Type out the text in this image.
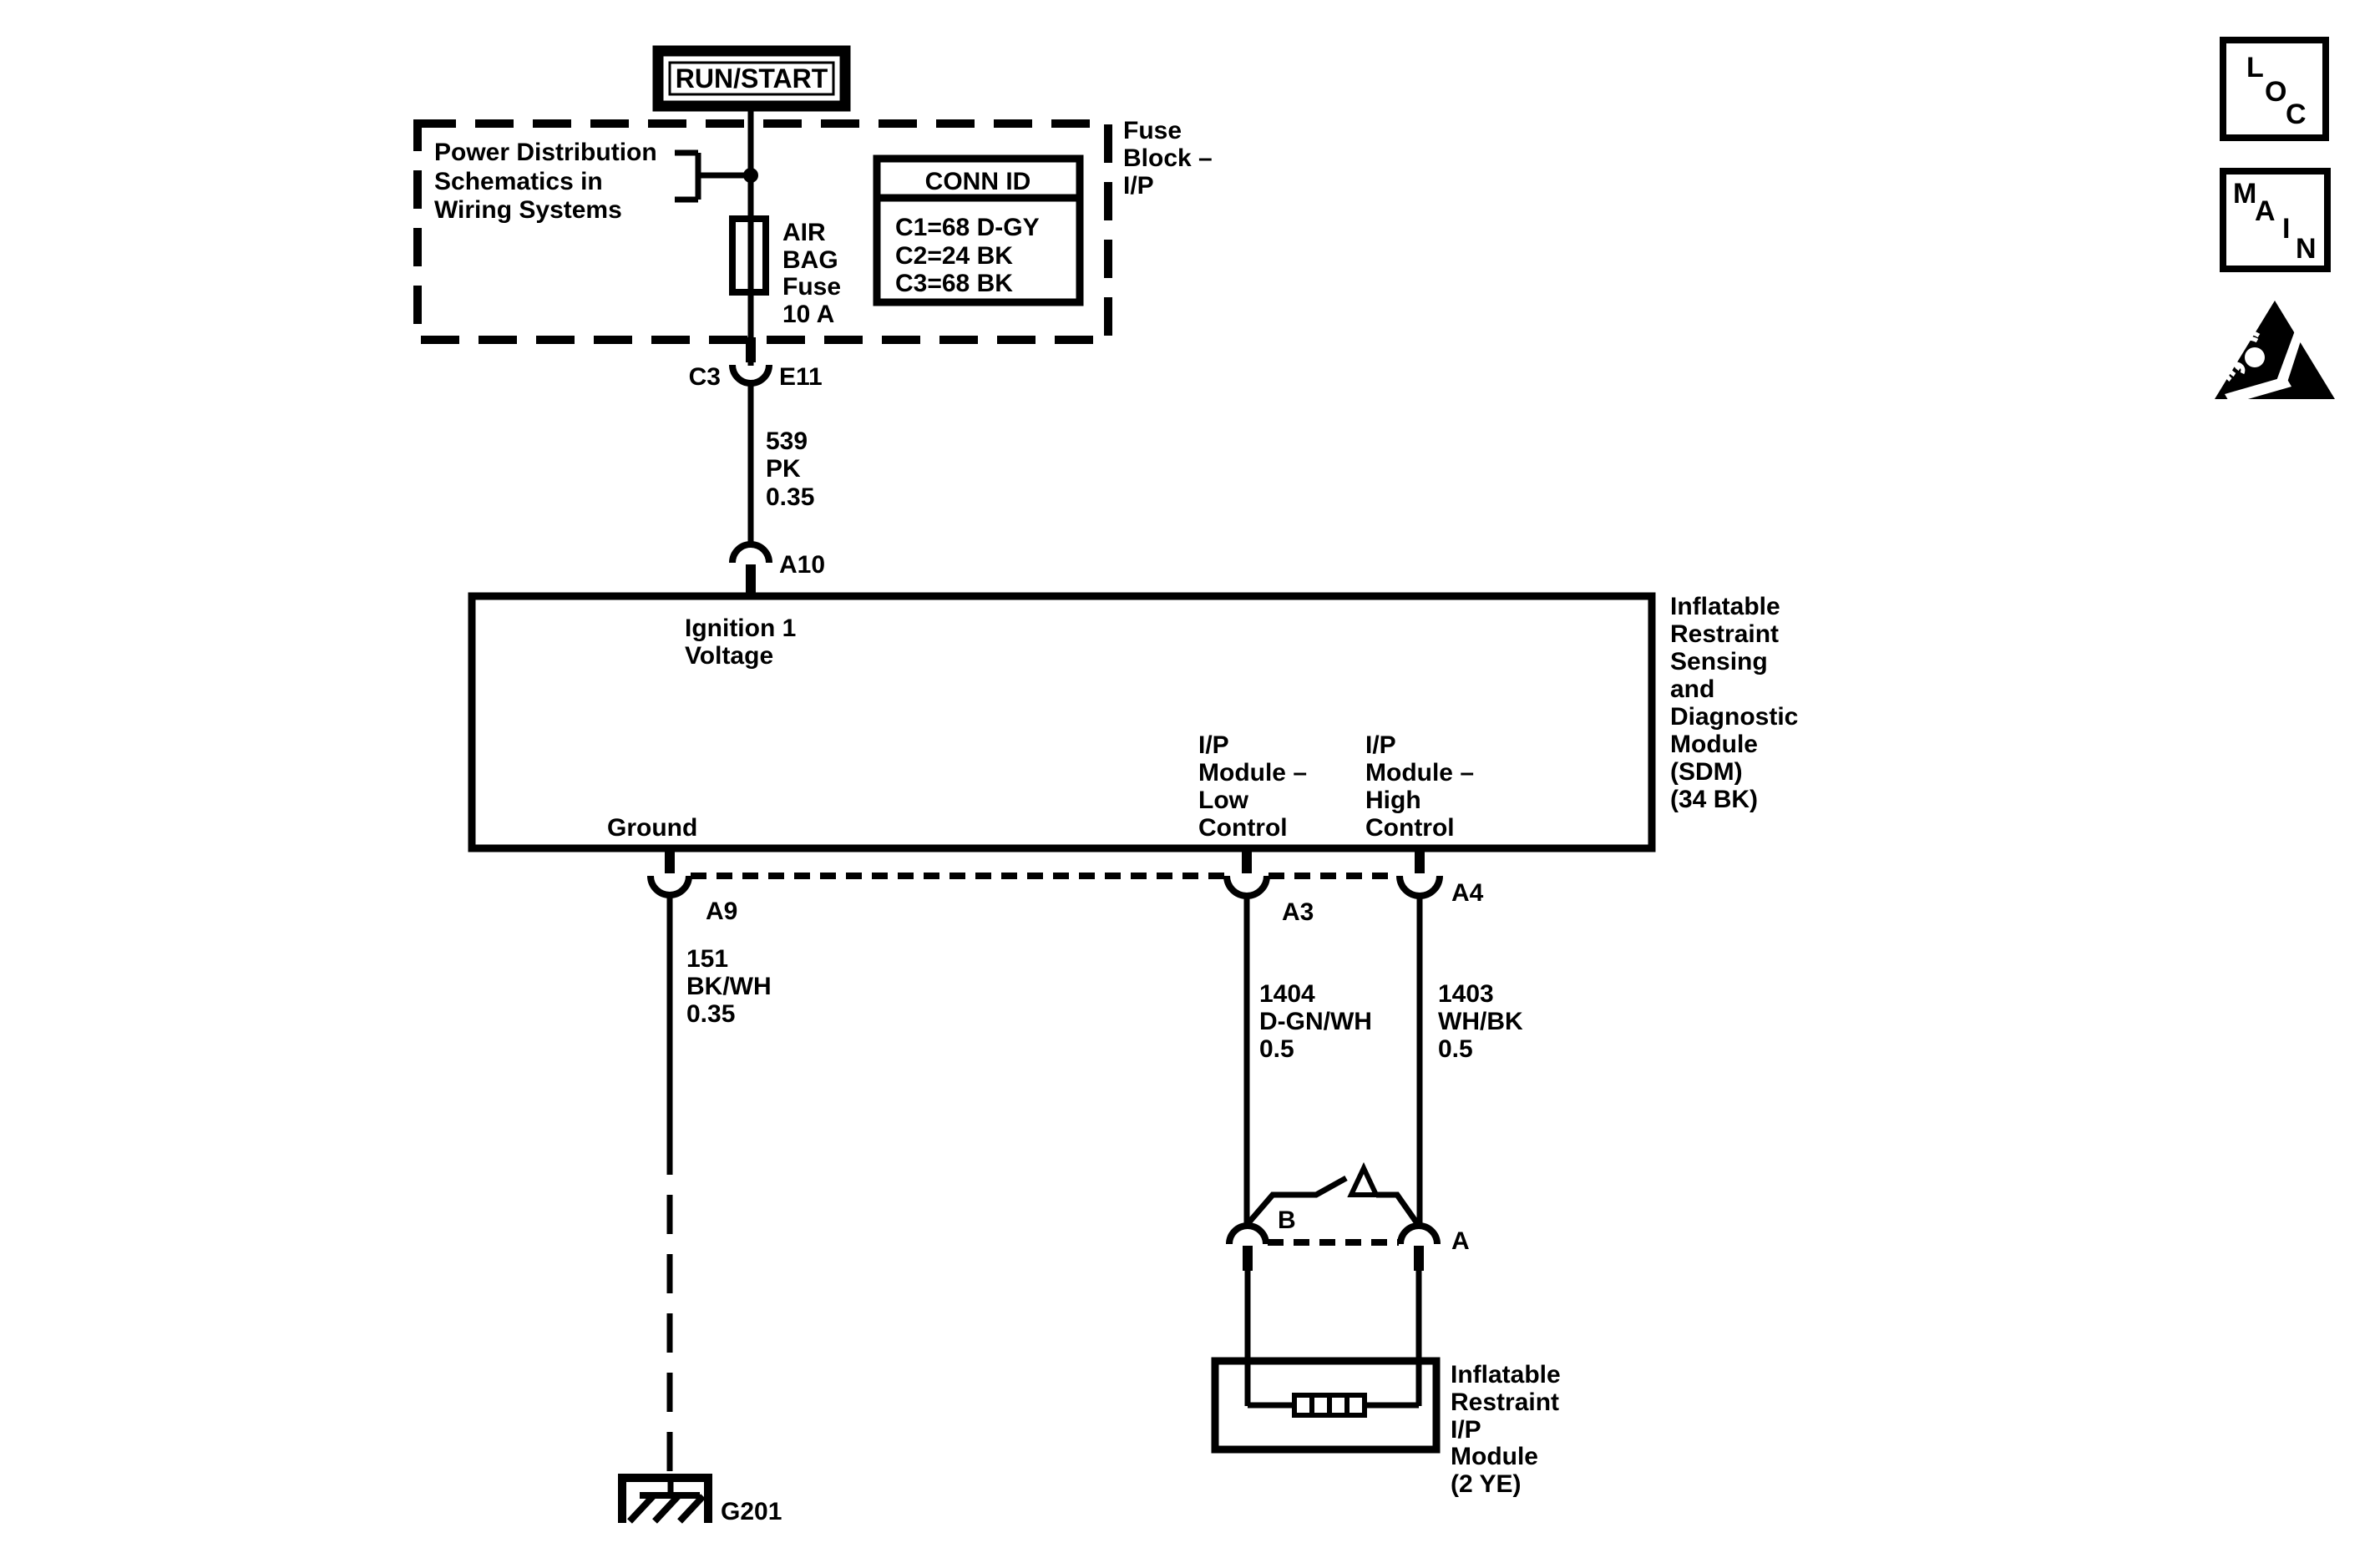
RUN/START
Power Distribution
Schematics in
Wiring Systems
AIR
BAG
Fuse
10 A
CONN ID
C1=68 D-GY
C2=24 BK
C3=68 BK
Fuse
Block –
I/P
C3 E11
539
PK
0.35
A10
Ignition 1
Voltage
Ground
I/P
Module –
Low
Control
I/P
Module –
High
Control
Inflatable
Restraint
Sensing
and
Diagnostic
Module
(SDM)
(34 BK)
A9
151
BK/WH
0.35
G201
A3
1404
D-GN/WH
0.5
A4
1403
WH/BK
0.5
B
A
Inflatable
Restraint
I/P
Module
(2 YE)
L
O
C
M
A
I
N
